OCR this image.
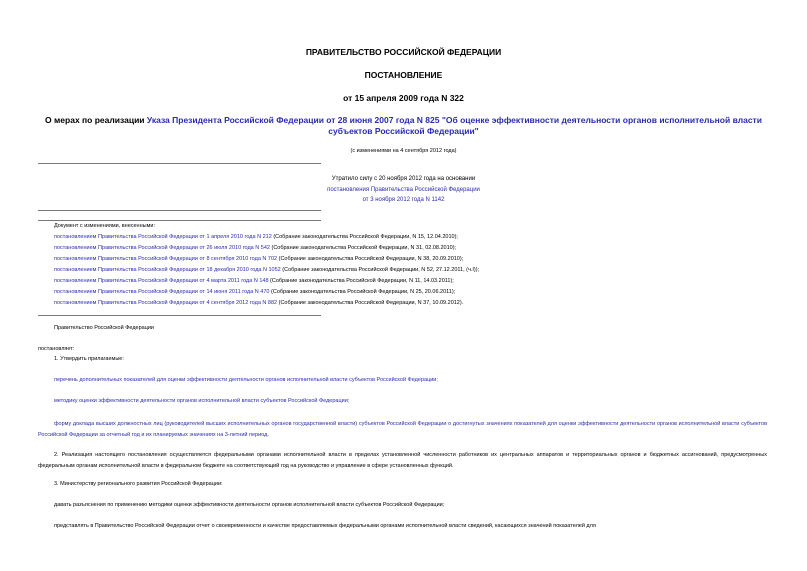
ПРАВИТЕЛЬСТВО РОССИЙСКОЙ ФЕДЕРАЦИИ
ПОСТАНОВЛЕНИЕ
от 15 апреля 2009 года N 322
О мерах по реализации Указа Президента Российской Федерации от 28 июня 2007 года N 825 "Об оценке эффективности деятельности органов исполнительной власти субъектов Российской Федерации"
(с изменениями на 4 сентября 2012 года)
Утратило силу с 20 ноября 2012 года на основании
постановления Правительства Российской Федерации
от 3 ноября 2012 года N 1142
Документ с изменениями, внесенными:
постановлением Правительства Российской Федерации от 1 апреля 2010 года N 212 (Собрание законодательства Российской Федерации, N 15, 12.04.2010);
постановлением Правительства Российской Федерации от 26 июля 2010 года N 542 (Собрание законодательства Российской Федерации, N 31, 02.08.2010);
постановлением Правительства Российской Федерации от 8 сентября 2010 года N 702 (Собрание законодательства Российской Федерации, N 38, 20.09.2010);
постановлением Правительства Российской Федерации от 18 декабря 2010 года N 1052 (Собрание законодательства Российской Федерации, N 52, 27.12.2011, (ч.I));
постановлением Правительства Российской Федерации от 4 марта 2011 года N 148 (Собрание законодательства Российской Федерации, N 11, 14.03.2011);
постановлением Правительства Российской Федерации от 14 июня 2011 года N 470 (Собрание законодательства Российской Федерации, N 25, 20.06.2011);
постановлением Правительства Российской Федерации от 4 сентября 2012 года N 882 (Собрание законодательства Российской Федерации, N 37, 10.09.2012).
Правительство Российской Федерации
постановляет:
1. Утвердить прилагаемые:
перечень дополнительных показателей для оценки эффективности деятельности органов исполнительной власти субъектов Российской Федерации;
методику оценки эффективности деятельности органов исполнительной власти субъектов Российской Федерации;
форму доклада высших должностных лиц (руководителей высших исполнительных органов государственной власти) субъектов Российской Федерации о достигнутых значениях показателей для оценки эффективности деятельности органов исполнительной власти субъектов Российской Федерации за отчетный год и их планируемых значениях на 3-летний период.
2. Реализация настоящего постановления осуществляется федеральными органами исполнительной власти в пределах установленной численности работников их центральных аппаратов и территориальных органов и бюджетных ассигнований, предусмотренных федеральным органам исполнительной власти в федеральном бюджете на соответствующий год на руководство и управление в сфере установленных функций.
3. Министерству регионального развития Российской Федерации:
давать разъяснения по применению методики оценки эффективности деятельности органов исполнительной власти субъектов Российской Федерации;
представлять в Правительство Российской Федерации отчет о своевременности и качестве предоставляемых федеральными органами исполнительной власти сведений, касающихся значений показателей для
